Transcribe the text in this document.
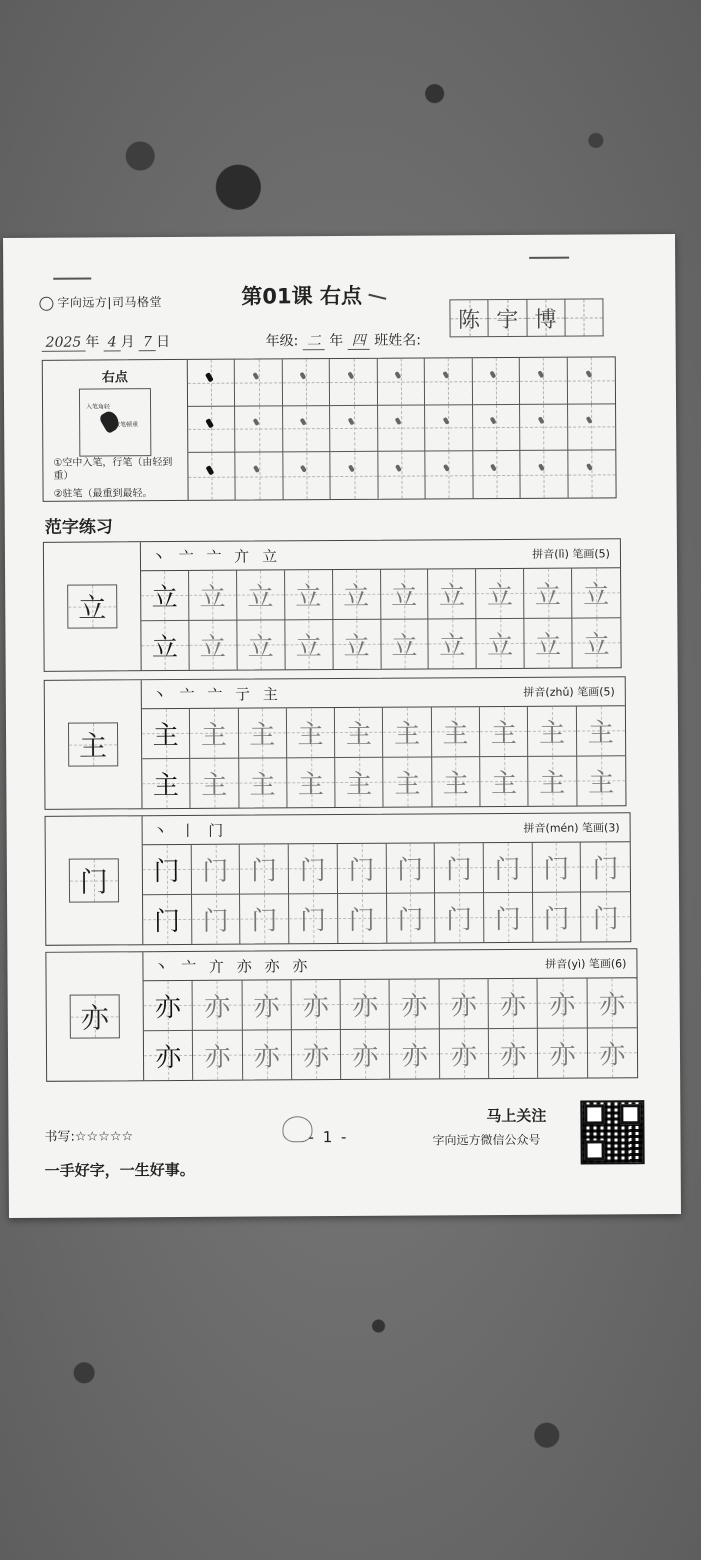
字向远方|司马格堂	第01课 右点
2025 年 4 月 7 日	年级: 二 年 四 班姓名:
陈 宇 博
右点
入笔角轻
收笔顿重
①空中入笔，行笔（由轻到重）
②驻笔（最重到最轻。
范字练习
立
丶 亠 亠 亣 立	拼音(lì) 笔画(5)
立 立 立 立 立 立 立 立 立 立
立 立 立 立 立 立 立 立 立 立
主
丶 亠 亠 亍 主	拼音(zhǔ) 笔画(5)
主 主 主 主 主 主 主 主 主 主
主 主 主 主 主 主 主 主 主 主
门
丶 丨 门	拼音(mén) 笔画(3)
门 门 门 门 门 门 门 门 门 门
门 门 门 门 门 门 门 门 门 门
亦
丶 亠 亣 亦 亦 亦	拼音(yì) 笔画(6)
亦 亦 亦 亦 亦 亦 亦 亦 亦 亦
亦 亦 亦 亦 亦 亦 亦 亦 亦 亦
书写:☆☆☆☆☆	- 1 -
马上关注
字向远方微信公众号
一手好字，一生好事。
